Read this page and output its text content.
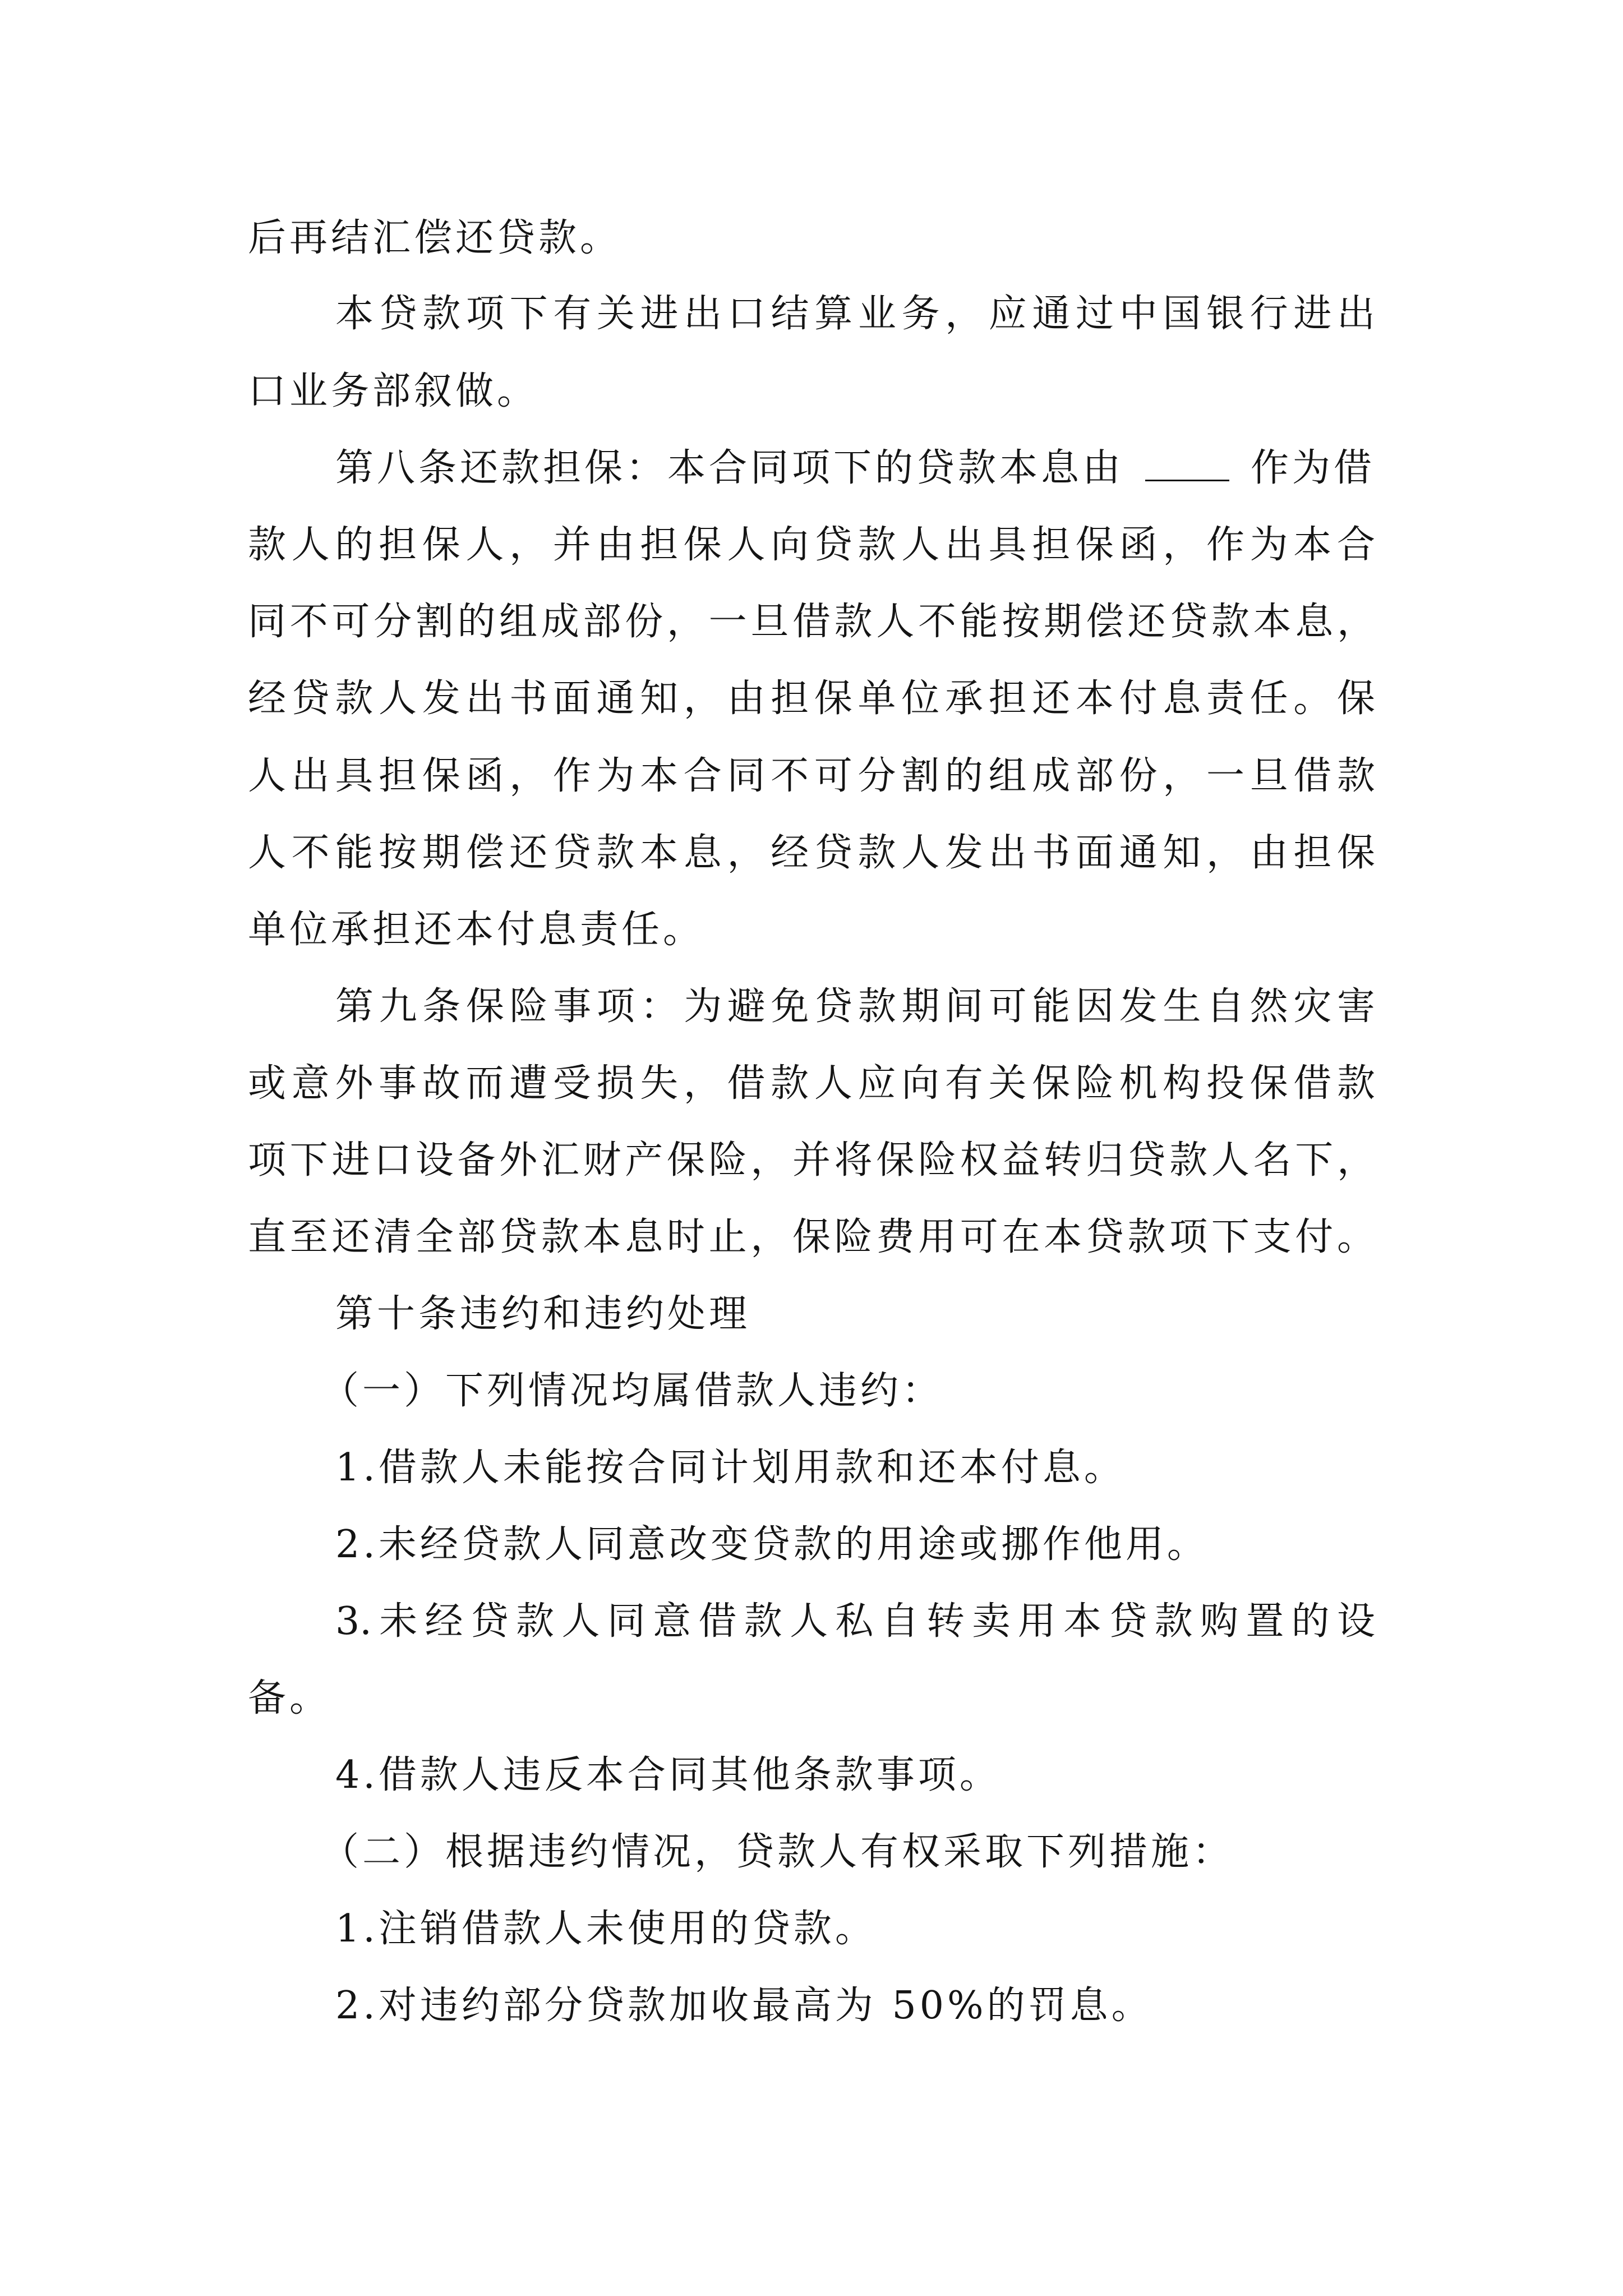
后再结汇偿还贷款。
本贷款项下有关进出口结算业务，应通过中国银行进出
口业务部叙做。
第八条还款担保：本合同项下的贷款本息由	作为借
款人的担保人，并由担保人向贷款人出具担保函，作为本合
同不可分割的组成部份，一旦借款人不能按期偿还贷款本息，
经贷款人发出书面通知，由担保单位承担还本付息责任。保
人出具担保函，作为本合同不可分割的组成部份，一旦借款
人不能按期偿还贷款本息，经贷款人发出书面通知，由担保
单位承担还本付息责任。
第九条保险事项：为避免贷款期间可能因发生自然灾害
或意外事故而遭受损失，借款人应向有关保险机构投保借款
项下进口设备外汇财产保险，并将保险权益转归贷款人名下，
直至还清全部贷款本息时止，保险费用可在本贷款项下支付。
第十条违约和违约处理
（一）下列情况均属借款人违约：
1.借款人未能按合同计划用款和还本付息。
2.未经贷款人同意改变贷款的用途或挪作他用。
3.未经贷款人同意借款人私自转卖用本贷款购置的设
备。
4.借款人违反本合同其他条款事项。
（二）根据违约情况，贷款人有权采取下列措施：
1.注销借款人未使用的贷款。
2.对违约部分贷款加收最高为 50%的罚息。
